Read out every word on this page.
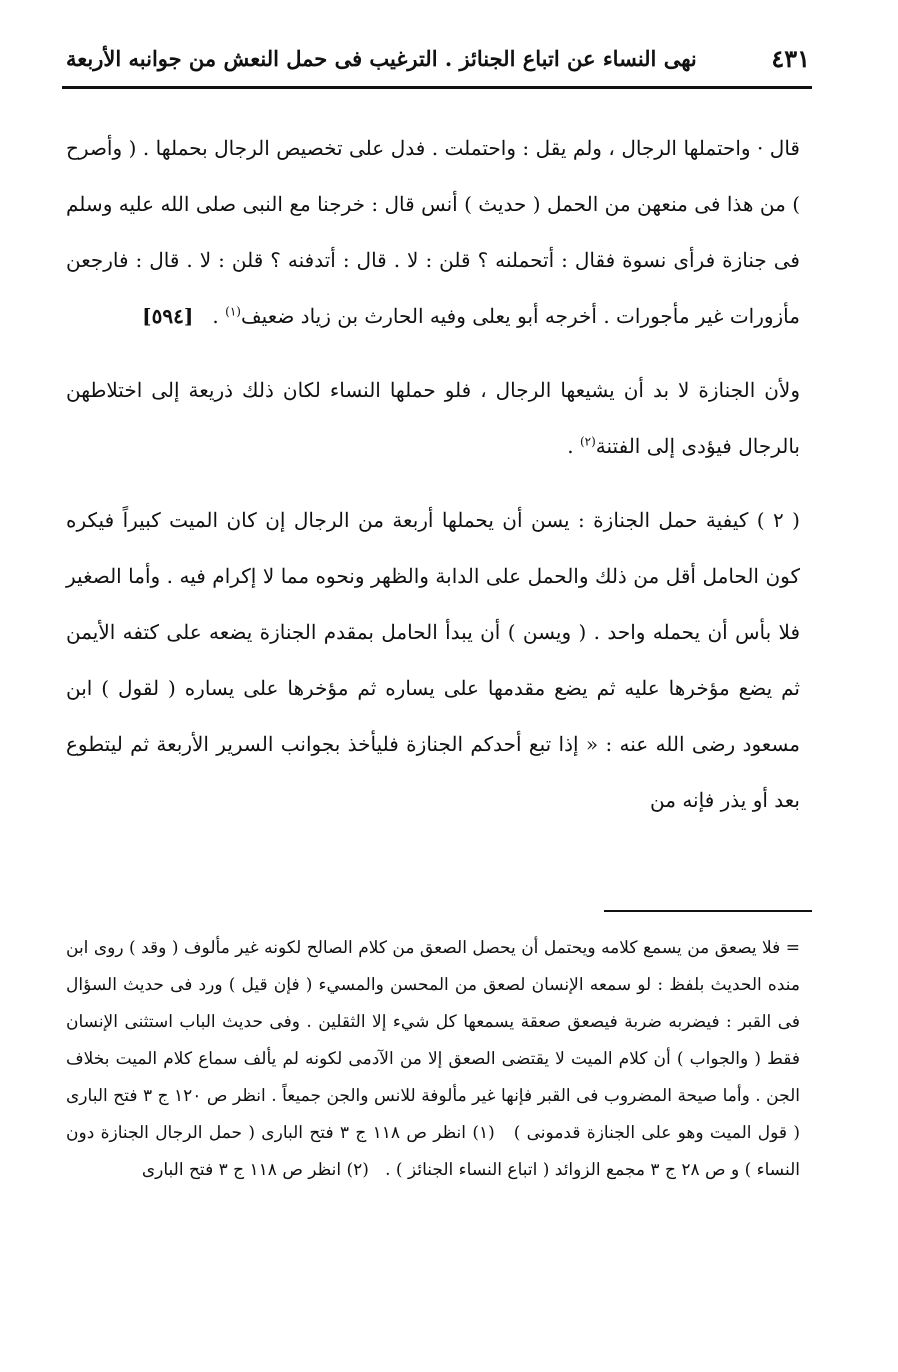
نهى النساء عن اتباع الجنائز . الترغيب فى حمل النعش من جوانبه الأربعة	٤٣١

قال · واحتملها الرجال ، ولم يقل : واحتملت . فدل على تخصيص الرجال بحملها . ( وأصرح ) من هذا فى منعهن من الحمل ( حديث ) أنس قال : خرجنا مع النبى صلى الله عليه وسلم فى جنازة فرأى نسوة فقال : أتحملنه ؟ قلن : لا . قال : أتدفنه ؟ قلن : لا . قال : فارجعن مأزورات غير مأجورات . أخرجه أبو يعلى وفيه الحارث بن زياد ضعيف$^{(١)}$ .   [٥٩٤]

ولأن الجنازة لا بد أن يشيعها الرجال ، فلو حملها النساء لكان ذلك ذريعة إلى اختلاطهن بالرجال فيؤدى إلى الفتنة$^{(٢)}$ .

( ٢ ) كيفية حمل الجنازة : يسن أن يحملها أربعة من الرجال إن كان الميت كبيراً فيكره كون الحامل أقل من ذلك والحمل على الدابة والظهر ونحوه مما لا إكرام فيه . وأما الصغير فلا بأس أن يحمله واحد . ( ويسن ) أن يبدأ الحامل بمقدم الجنازة يضعه على كتفه الأيمن ثم يضع مؤخرها عليه ثم يضع مقدمها على يساره ثم مؤخرها على يساره ( لقول ) ابن مسعود رضى الله عنه : « إذا تبع أحدكم الجنازة فليأخذ بجوانب السرير الأربعة ثم ليتطوع بعد أو يذر فإنه من

= فلا يصعق من يسمع كلامه ويحتمل أن يحصل الصعق من كلام الصالح لكونه غير مألوف ( وقد ) روى ابن منده الحديث بلفظ : لو سمعه الإنسان لصعق من المحسن والمسيء ( فإن قيل ) ورد فى حديث السؤال فى القبر : فيضربه ضربة فيصعق صعقة يسمعها كل شيء إلا الثقلين . وفى حديث الباب استثنى الإنسان فقط ( والجواب ) أن كلام الميت لا يقتضى الصعق إلا من الآدمى لكونه لم يألف سماع كلام الميت بخلاف الجن . وأما صيحة المضروب فى القبر فإنها غير مألوفة للانس والجن جميعاً . انظر ص ١٢٠ ج ٣ فتح البارى ( قول الميت وهو على الجنازة قدمونى )   (١) انظر ص ١١٨ ج ٣ فتح البارى ( حمل الرجال الجنازة دون النساء ) و ص ٢٨ ج ٣ مجمع الزوائد ( اتباع النساء الجنائز ) .   (٢) انظر ص ١١٨ ج ٣ فتح البارى
